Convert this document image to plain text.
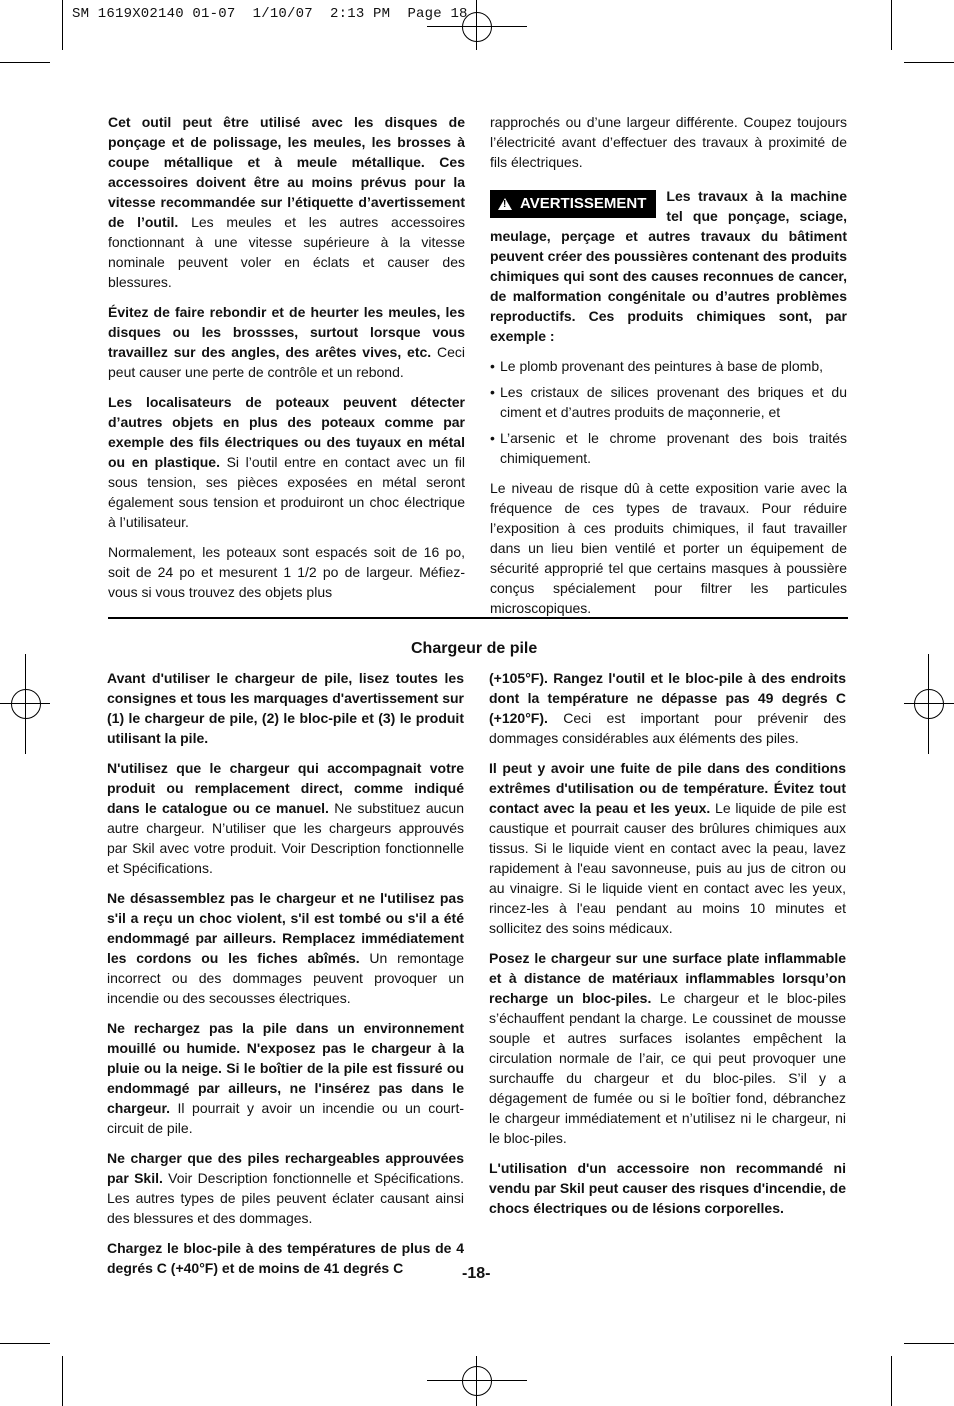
SM 1619X02140 01-07  1/10/07  2:13 PM  Page 18

Cet outil peut être utilisé avec les disques de ponçage et de polissage, les meules, les brosses à coupe métallique et à meule métallique. Ces accessoires doivent être au moins prévus pour la vitesse recommandée sur l’étiquette d’avertissement de l’outil. Les meules et les autres accessoires fonctionnant à une vitesse supérieure à la vitesse nominale peuvent voler en éclats et causer des blessures.

Évitez de faire rebondir et de heurter les meules, les disques ou les brossses, surtout lorsque vous travaillez sur des angles, des arêtes vives, etc. Ceci peut causer une perte de contrôle et un rebond.

Les localisateurs de poteaux peuvent détecter d’autres objets en plus des poteaux comme par exemple des fils électriques ou des tuyaux en métal ou en plastique. Si l’outil entre en contact avec un fil sous tension, ses pièces exposées en métal seront également sous tension et produiront un choc électrique à l’utilisateur.

Normalement, les poteaux sont espacés soit de 16 po, soit de 24 po et mesurent 1 1/2 po de largeur. Méfiez-vous si vous trouvez des objets plus

rapprochés ou d’une largeur différente. Coupez toujours l’électricité avant d’effectuer des travaux à proximité de fils électriques.

! AVERTISSEMENT Les travaux à la machine tel que ponçage, sciage, meulage, perçage et autres travaux du bâtiment peuvent créer des poussières contenant des produits chimiques qui sont des causes reconnues de cancer, de malformation congénitale ou d’autres problèmes reproductifs. Ces produits chimiques sont, par exemple :

• Le plomb provenant des peintures à base de plomb,
• Les cristaux de silices provenant des briques et du ciment et d’autres produits de maçonnerie, et
• L’arsenic et le chrome provenant des bois traités chimiquement.

Le niveau de risque dû à cette exposition varie avec la fréquence de ces types de travaux. Pour réduire l’exposition à ces produits chimiques, il faut travailler dans un lieu bien ventilé et porter un équipement de sécurité approprié tel que certains masques à poussière conçus spécialement pour filtrer les particules microscopiques.

Chargeur de pile

Avant d'utiliser le chargeur de pile, lisez toutes les consignes et tous les marquages d'avertissement sur (1) le chargeur de pile, (2) le bloc-pile et (3) le produit utilisant la pile.

N'utilisez que le chargeur qui accompagnait votre produit ou remplacement direct, comme indiqué dans le catalogue ou ce manuel. Ne substituez aucun autre chargeur. N’utiliser que les chargeurs approuvés par Skil avec votre produit. Voir Description fonctionnelle et Spécifications.

Ne désassemblez pas le chargeur et ne l'utilisez pas s'il a reçu un choc violent, s'il est tombé ou s'il a été endommagé par ailleurs. Remplacez immédiatement les cordons ou les fiches abîmés. Un remontage incorrect ou des dommages peuvent provoquer un incendie ou des secousses électriques.

Ne rechargez pas la pile dans un environnement mouillé ou humide. N'exposez pas le chargeur à la pluie ou la neige. Si le boîtier de la pile est fissuré ou endommagé par ailleurs, ne l'insérez pas dans le chargeur. Il pourrait y avoir un incendie ou un court-circuit de pile.

Ne charger que des piles rechargeables approuvées par Skil. Voir Description fonctionnelle et Spécifications. Les autres types de piles peuvent éclater causant ainsi des blessures et des dommages.

Chargez le bloc-pile à des températures de plus de 4 degrés C (+40°F) et de moins de 41 degrés C

(+105°F). Rangez l'outil et le bloc-pile à des endroits dont la température ne dépasse pas 49 degrés C (+120°F). Ceci est important pour prévenir des dommages considérables aux éléments des piles.

Il peut y avoir une fuite de pile dans des conditions extrêmes d'utilisation ou de température. Évitez tout contact avec la peau et les yeux. Le liquide de pile est caustique et pourrait causer des brûlures chimiques aux tissus. Si le liquide vient en contact avec la peau, lavez rapidement à l'eau savonneuse, puis au jus de citron ou au vinaigre. Si le liquide vient en contact avec les yeux, rincez-les à l'eau pendant au moins 10 minutes et sollicitez des soins médicaux.

Posez le chargeur sur une surface plate inflammable et à distance de matériaux inflammables lorsqu’on recharge un bloc-piles. Le chargeur et le bloc-piles s’échauffent pendant la charge. Le coussinet de mousse souple et autres surfaces isolantes empêchent la circulation normale de l’air, ce qui peut provoquer une surchauffe du chargeur et du bloc-piles. S’il y a dégagement de fumée ou si le boîtier fond, débranchez le chargeur immédiatement et n’utilisez ni le chargeur, ni le bloc-piles.

L'utilisation d'un accessoire non recommandé ni vendu par Skil peut causer des risques d'incendie, de chocs électriques ou de lésions corporelles.

-18-
